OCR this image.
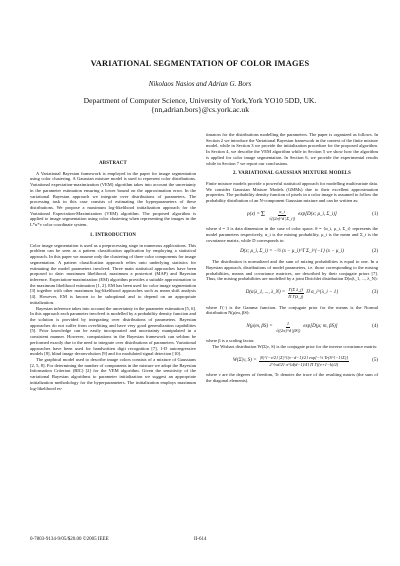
VARIATIONAL SEGMENTATION OF COLOR IMAGES
Nikolaos Nasios and Adrian G. Bors
Department of Computer Science, University of York,York YO10 5DD, UK.
{nn,adrian.bors}@cs.york.ac.uk
ABSTRACT

A Variational Bayesian framework is employed in the paper for image segmentation using color clustering. A Gaussian mixture model is used to represent color distributions. Variational expectation-maximization (VEM) algorithm takes into account the uncertainty in the parameter estimation ensuring a lower bound on the approximation error. In the variational Bayesian approach we integrate over distributions of parameters. The processing task in this case consists of estimating the hyperparameters of these distributions. We propose a maximum log-likelihood initialization approach for the Variational Expectation-Maximization (VEM) algorithm. The proposed algorithm is applied to image segmentation using color clustering when representing the images in the L*u*v color coordinate system.

1. INTRODUCTION

Color image segmentation is used as a preprocessing stage in numerous applications. This problem can be seen as a pattern classification application by employing a statistical approach. In this paper we assume only the clustering of three color components for image segmentation. A pattern classification approach relies onto underlying statistics for estimating the model parameters involved. Three main statistical approaches have been proposed to date: maximum likelihood, maximum a posteriori (MAP) and Bayesian inference. Expectation-maximization (EM) algorithm provides a suitable approximation to the maximum likelihood estimation [1, 2]. EM has been used for color image segmentation [3] together with other maximum log-likelihood approaches such as mean shift analysis [4]. However, EM is known to be suboptimal and to depend on an appropriate initialization.

Bayesian inference takes into account the uncertainty in the parameter estimation [5, 6]. In this approach each parameter involved is modelled by a probability density function and the solution is provided by integrating over distributions of parameters. Bayesian approaches do not suffer from overfitting and have very good generalization capabilities [5]. Prior knowledge can be easily incorporated and uncertainty manipulated in a consistent manner. However, computations in the Bayesian framework can seldom be performed exactly due to the need to integrate over distributions of parameters. Variational approaches have been used for handwritten digit recognition [7], 1-D autoregressive models [8], blind image deconvolution [9] and for modulated signal detection [10].

The graphical model used to describe image colors consists of a mixture of Gaussians [2, 5, 8]. For determining the number of components in the mixture we adopt the Bayesian Information Criterion (BIC) [2] for the VEM algorithm. Given the sensitivity of the variational Bayesian algorithms to parameter initialization we suggest an appropriate initialization methodology for the hyperparameters. The initialization employs maximum log-likelihood es-

timators for the distributions modelling the parameters. The paper is organized as follows. In Section 2 we introduce the Variational Bayesian framework in the context of the finite mixture model, while in Section 3 we provide the initialization procedure for the proposed algorithm. In Section 4, we describe the VEM algorithm while in Section 5 we show how the algorithm is applied for color image segmentation. In Section 6, we provide the experimental results while in Section 7 we report our conclusions.

2. VARIATIONAL GAUSSIAN MIXTURE MODELS

Finite mixture models provide a powerful statistical approach for modelling multivariate data. We consider Gaussian Mixture Models (GMMs) due to their excellent approximation properties. The probability density function of pixels in a color image is assumed to follow the probability distribution of an N-component Gaussian mixture and can be written as:

p(x) = Σ $\frac{\alpha\_i}{√((2\pi)\^{}d |\Sigma\_i|)} \exp[D(x$; μ_i, Σ_i)]	(1)

where d = 3 is data dimension in the case of color space, θ = {α_i, μ_i, Σ_i} represents the model parameters respectively, α_i is the mixing probability, μ_i is the mean and Σ_i is the covariance matrix, while D corresponds to:

D(x; μ_i, Σ_i) = −½ (x − μ_i)^T Σ_i^{−1} (x − μ_i)	(2)

The distribution is normalized and the sum of mixing probabilities is equal to one. In a Bayesian approach, distributions of model parameters, i.e. those corresponding to the mixing probabilities, means and covariance matrices, are described by their conjugate priors [7]. Thus, the mixing probabilities are modelled by a joint Dirichlet distribution D(α|λ_1, ..., λ_N):

D(α|λ_1, ..., λ_N) = $\frac{\text{Γ(Σ λ\_j)}}{\text{Π Γ(λ\_j)}}$ Π α_i^{λ_i − 1}	(3)

where Γ(·) is the Gamma function. The conjugate prior for the means is the Normal distribution N(μ|m, βS):

N(μ|m, $\beta S) = \frac{1}{√((2\pi)\^{}d |\beta S|)} \exp[D(\mu$; m, βS)]	(4)

where β is a scaling factor.

The Wishart distribution W(Σ|ν, S) is the conjugate prior for the inverse covariance matrix:

W(Σ|ν, $S) = \frac{\text{|S|\textasciicircum{}\{−ν/2\} |Σ|\textasciicircum{}\{(ν−d−1)/2\} exp[−½ Tr(S\textasciicircum{}\{−1\}Σ)]}}{\text{2\textasciicircum{}\{νd/2\} π\textasciicircum{}\{d(d−1)/4\} Π Γ((ν+1−k)/2)}}$	(5)

where ν are the degrees of freedom, Tr denotes the trace of the resulting matrix (the sum of the diagonal elements).

0-7803-9134-9/05/$20.00 ©2005 IEEE	II-614
